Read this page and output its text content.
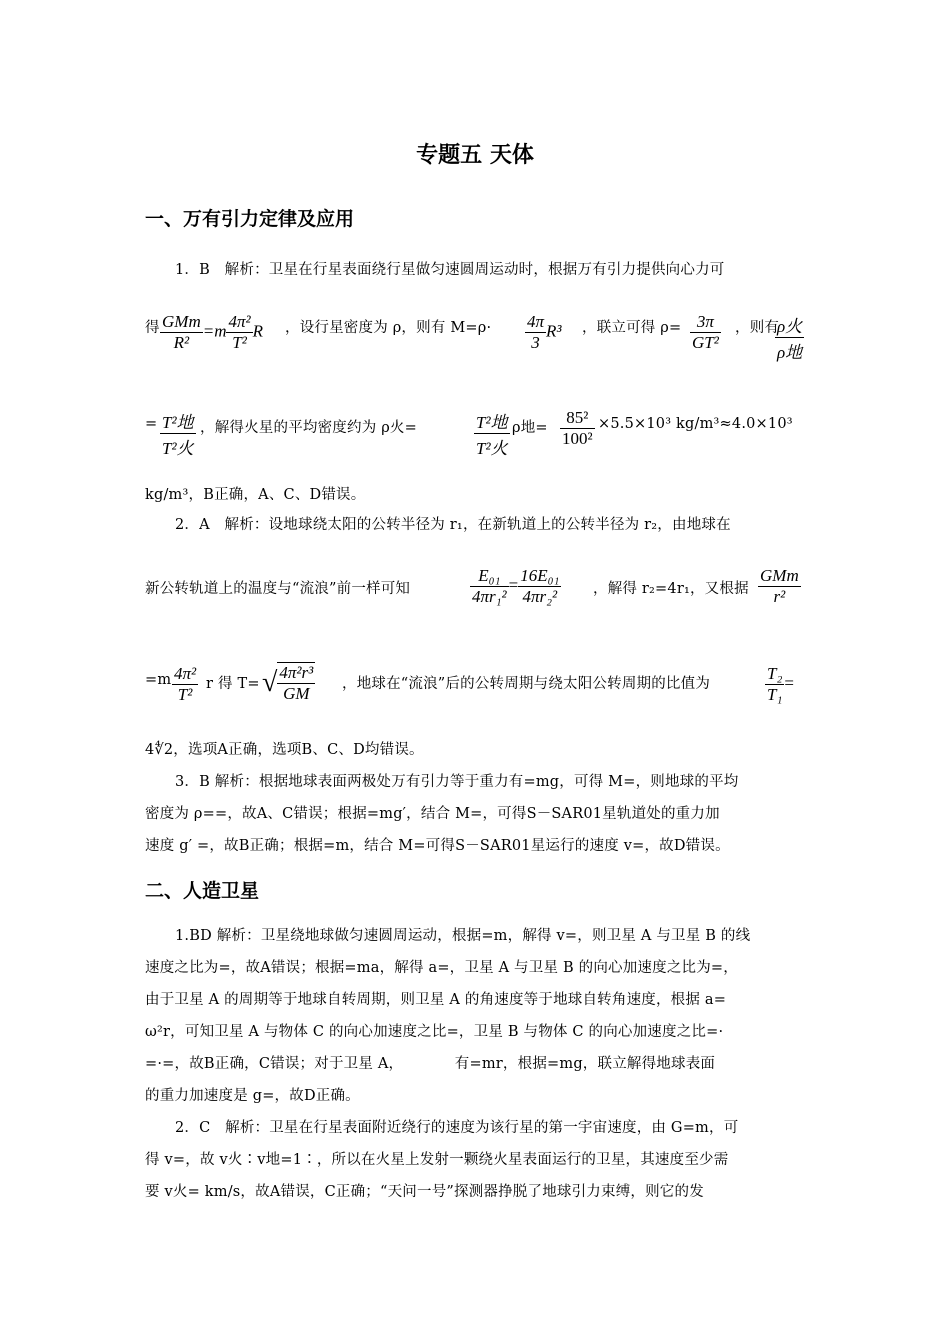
专题五 天体
一、万有引力定律及应用
1．B　解析：卫星在行星表面绕行星做匀速圆周运动时，根据万有引力提供向心力可
得 $\frac{\text{GMm}}{\text{R²}} =m \frac{\text{4π²}}{\text{T²}}$ R ，设行星密度为 ρ，则有 $M=\rho\cdot \frac{4\pi}{3} R^3$ ，联立可得 $\rho= \frac{3\pi}{\text{GT²}}$ ，则有
$\frac{\text{ρ火}}{\text{ρ地}}$
= $\frac{\text{T²地}}{\text{T²火}}$ ，解得火星的平均密度约为 ρ火=	$\frac{\text{T²地}}{\text{T²火}}$ ρ地= $\frac{\text{85²}}{\text{100²}} \times 5.5\times 10^3$ kg/m³≈4.0×10³
kg/m³，B正确，A、C、D错误。
2．A　解析：设地球绕太阳的公转半径为 r₁，在新轨道上的公转半径为 r₂，由地球在
新公转轨道上的温度与“流浪”前一样可知	$\frac{\text{E₀₁}}{\text{4πr₁²}} = \frac{\text{16E₀₁}}{\text{4πr₂²}}$ ，解得 r₂=4r₁，又根据 $\frac{\text{GMm}}{\text{r²}}$
$=m \frac{\text{4π²}}{\text{T²}}$ r 得 T= √ $\frac{\text{4π²r³}}{GM}$ ，地球在“流浪”后的公转周期与绕太阳公转周期的比值为	$\frac{\text{T₂}}{\text{T₁}}$ =
4∜2，选项A正确，选项B、C、D均错误。
3．B 解析：根据地球表面两极处万有引力等于重力有=mg，可得 M=，则地球的平均
密度为 ρ==，故A、C错误；根据=mg′，结合 M=，可得S－SAR01星轨道处的重力加
速度 g′ =，故B正确；根据=m，结合 M=可得S－SAR01星运行的速度 v=，故D错误。
二、人造卫星
1.BD 解析：卫星绕地球做匀速圆周运动，根据=m，解得 v=，则卫星 A 与卫星 B 的线
速度之比为=，故A错误；根据=ma，解得 a=，卫星 A 与卫星 B 的向心加速度之比为=，
由于卫星 A 的周期等于地球自转周期，则卫星 A 的角速度等于地球自转角速度，根据 a=
ω²r，可知卫星 A 与物体 C 的向心加速度之比=，卫星 B 与物体 C 的向心加速度之比=·
=·=，故B正确，C错误；对于卫星 A，　　　　有=mr，根据=mg，联立解得地球表面
的重力加速度是 g=，故D正确。
2．C　解析：卫星在行星表面附近绕行的速度为该行星的第一宇宙速度，由 G=m，可
得 v=，故 v火∶v地=1∶，所以在火星上发射一颗绕火星表面运行的卫星，其速度至少需
要 v火= km/s，故A错误，C正确；“天问一号”探测器挣脱了地球引力束缚，则它的发
